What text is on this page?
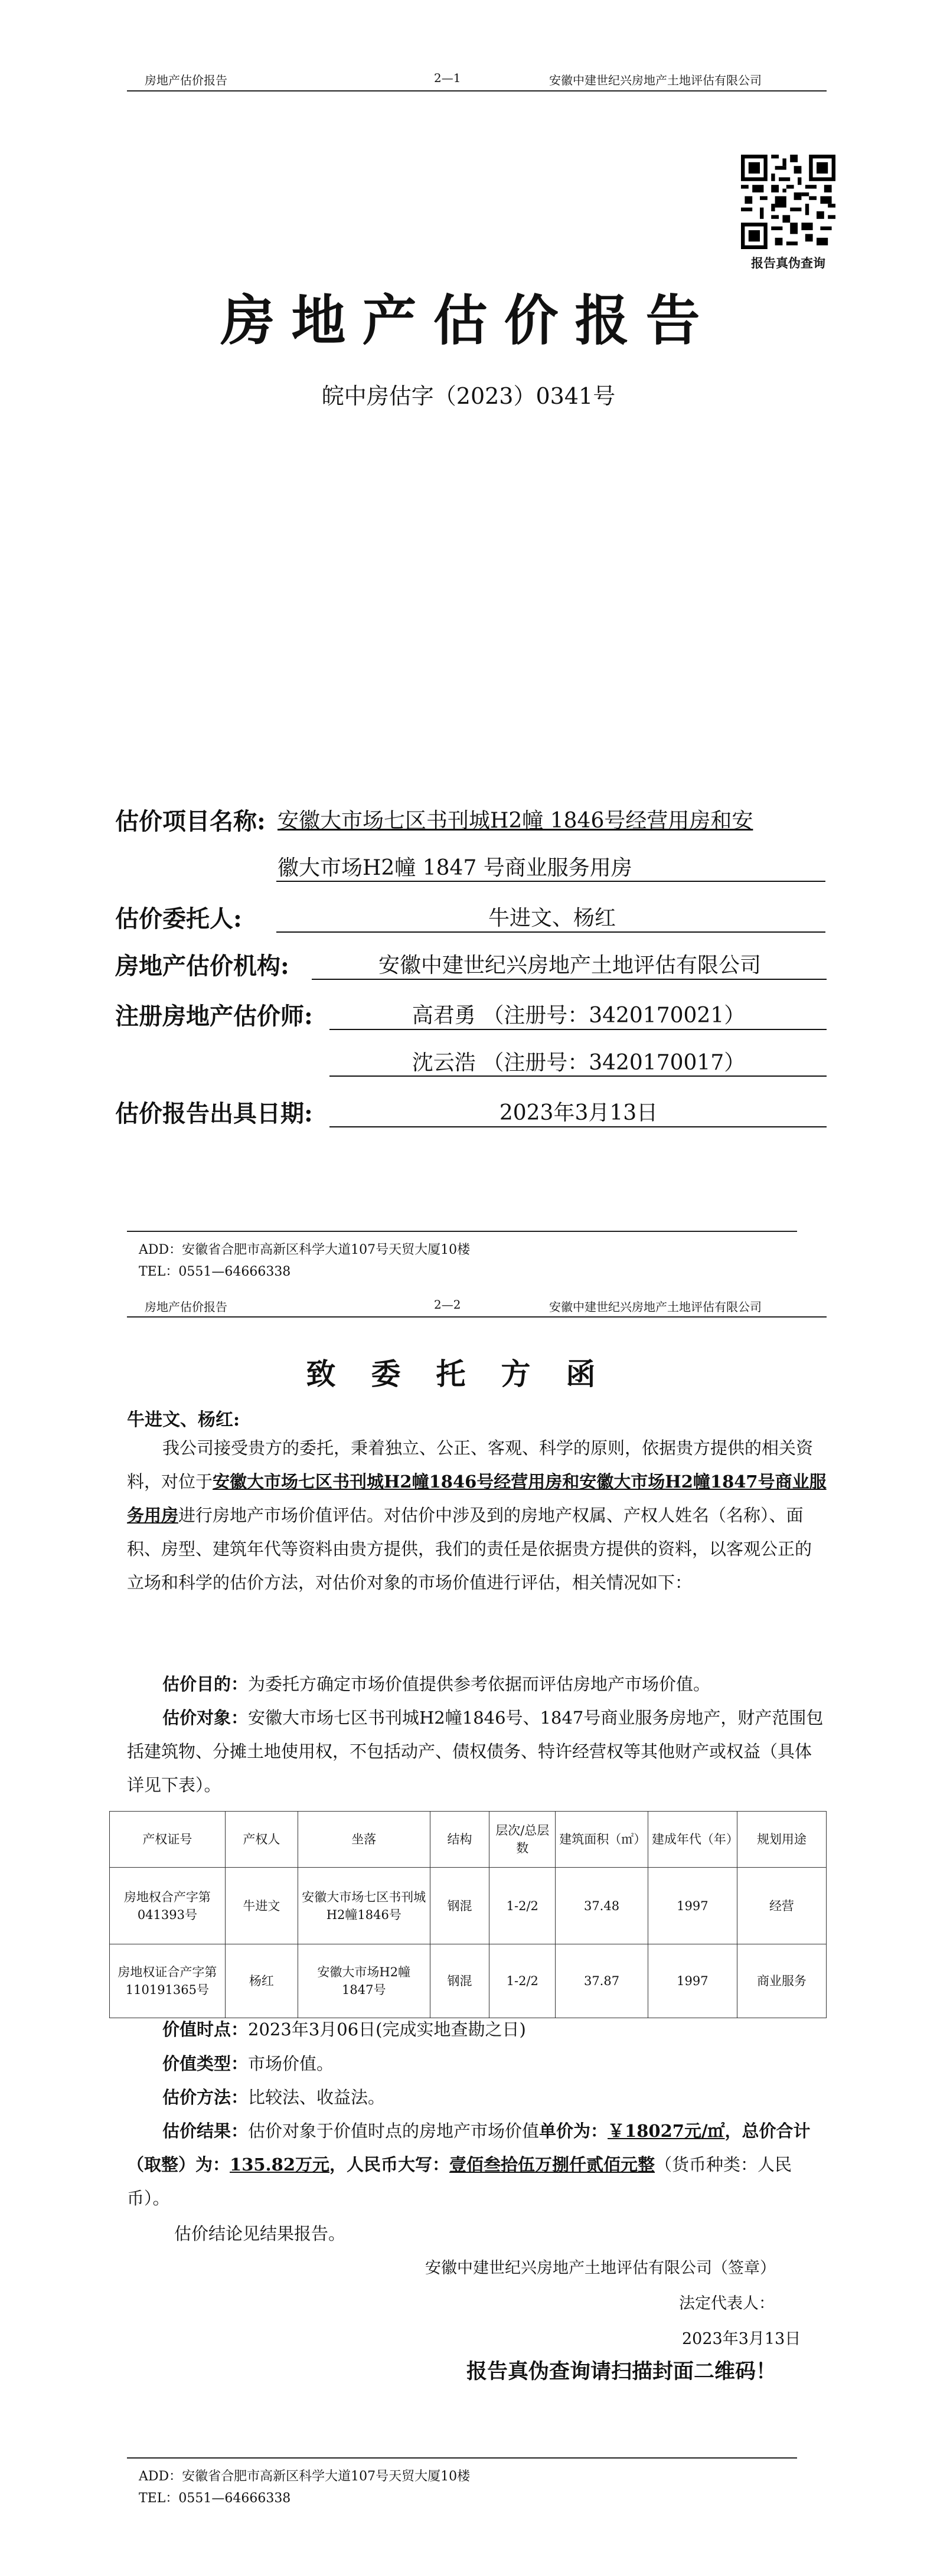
房地产估价报告	2—1	安徽中建世纪兴房地产土地评估有限公司
报告真伪查询
房地产估价报告
皖中房估字（2023）0341号
估价项目名称: 安徽大市场七区书刊城H2幢 1846号经营用房和安
徽大市场H2幢 1847 号商业服务用房
估价委托人:	牛进文、杨红
房地产估价机构:	安徽中建世纪兴房地产土地评估有限公司
注册房地产估价师:	高君勇 （注册号：3420170021）
沈云浩 （注册号：3420170017）
估价报告出具日期:	2023年3月13日
ADD：安徽省合肥市高新区科学大道107号天贸大厦10楼
TEL：0551—64666338
房地产估价报告	2—2	安徽中建世纪兴房地产土地评估有限公司
致委托方函
牛进文、杨红:
我公司接受贵方的委托，秉着独立、公正、客观、科学的原则，依据贵方提供的相关资料，对位于安徽大市场七区书刊城H2幢1846号经营用房和安徽大市场H2幢1847号商业服务用房进行房地产市场价值评估。对估价中涉及到的房地产权属、产权人姓名（名称）、面积、房型、建筑年代等资料由贵方提供，我们的责任是依据贵方提供的资料，以客观公正的立场和科学的估价方法，对估价对象的市场价值进行评估，相关情况如下：
估价目的：为委托方确定市场价值提供参考依据而评估房地产市场价值。
估价对象：安徽大市场七区书刊城H2幢1846号、1847号商业服务房地产，财产范围包括建筑物、分摊土地使用权，不包括动产、债权债务、特许经营权等其他财产或权益（具体详见下表）。
产权证号	产权人	坐落	结构	层次/总层数	建筑面积（㎡）	建成年代（年）	规划用途
房地权合产字第041393号	牛进文	安徽大市场七区书刊城H2幢1846号	钢混	1-2/2	37.48	1997	经营
房地权证合产字第110191365号	杨红	安徽大市场H2幢1847号	钢混	1-2/2	37.87	1997	商业服务
价值时点：2023年3月06日(完成实地查勘之日)
价值类型：市场价值。
估价方法：比较法、收益法。
估价结果：估价对象于价值时点的房地产市场价值单价为：￥18027元/㎡，总价合计（取整）为：135.82万元，人民币大写：壹佰叁拾伍万捌仟贰佰元整（货币种类：人民币）。
估价结论见结果报告。
安徽中建世纪兴房地产土地评估有限公司（签章）
法定代表人：
2023年3月13日
报告真伪查询请扫描封面二维码！
ADD：安徽省合肥市高新区科学大道107号天贸大厦10楼
TEL：0551—64666338
